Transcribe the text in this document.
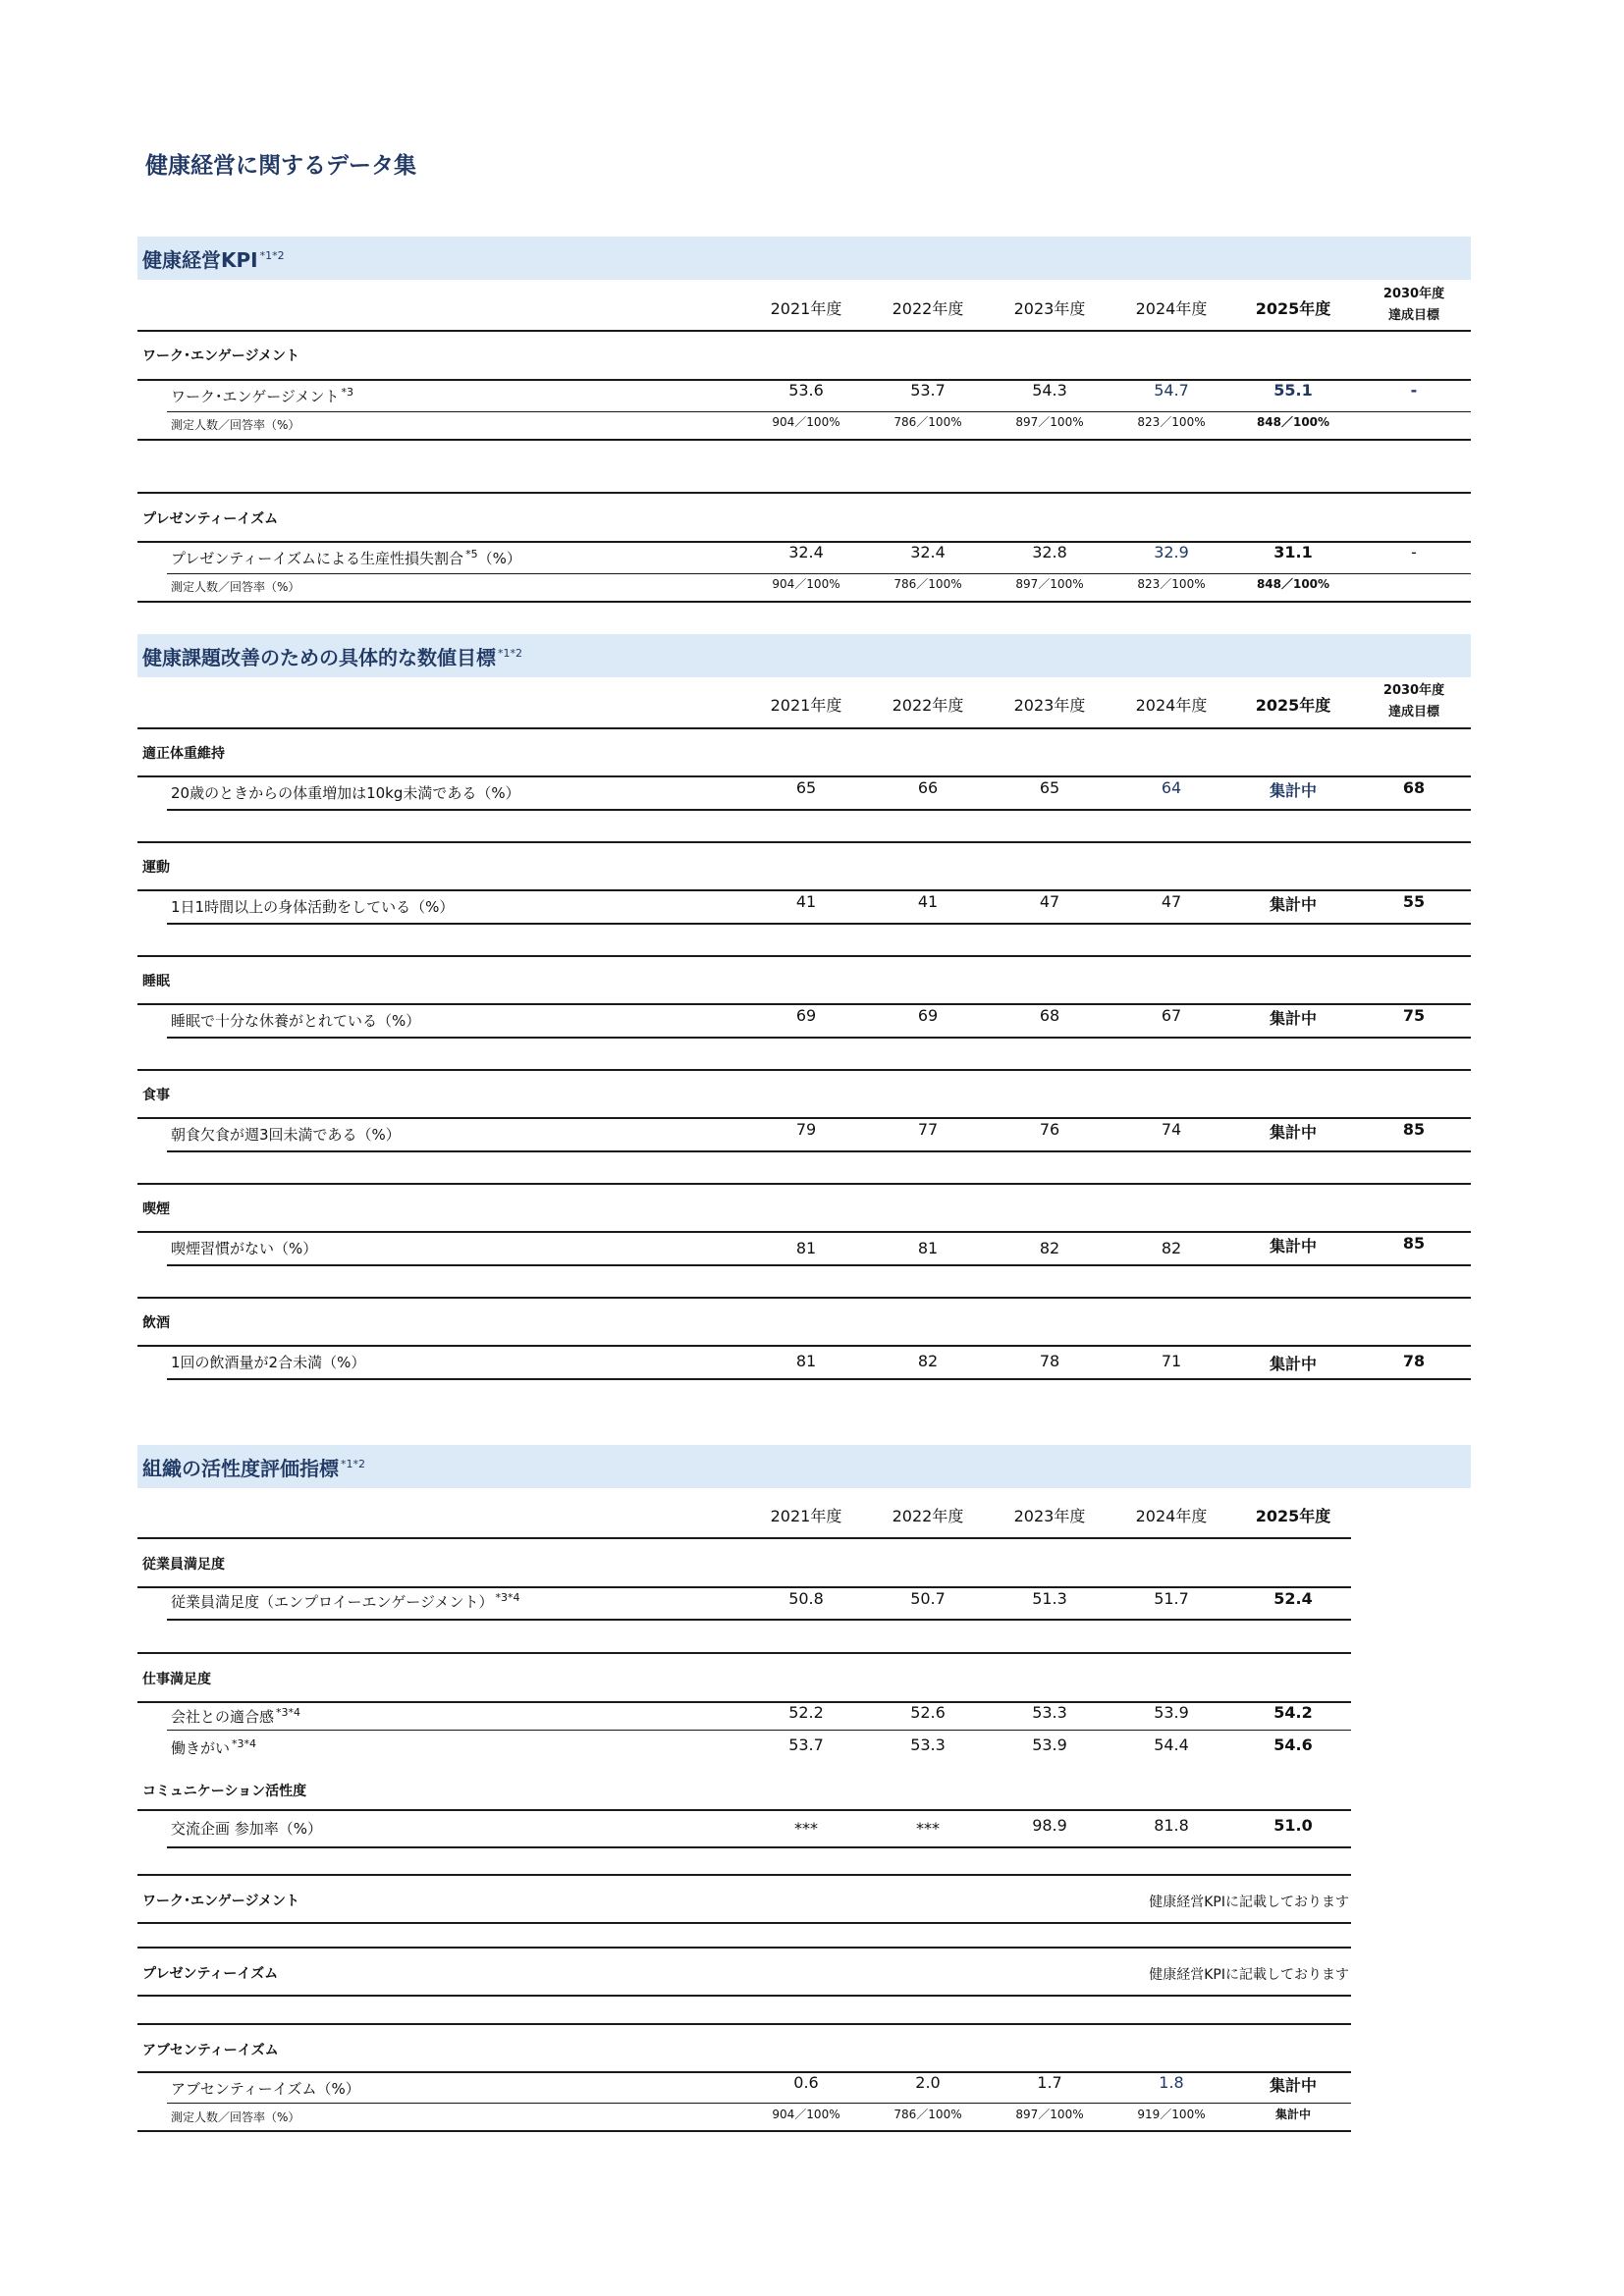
健康経営に関するデータ集
健康経営KPI $^{*1*2}$
2021年度	2022年度	2023年度	2024年度	2025年度
2030年度
達成目標
ワーク･エンゲージメント
ワーク･エンゲージメント $^{*3}$	53.6	53.7	54.3	54.7	55.1	-
測定人数／回答率（%）	904／100%	786／100%	897／100%	823／100%	848／100%
プレゼンティーイズム
プレゼンティーイズムによる生産性損失割合 $^{*5}$（%）	32.4	32.4	32.8	32.9	31.1	-
測定人数／回答率（%）	904／100%	786／100%	897／100%	823／100%	848／100%
健康課題改善のための具体的な数値目標 $^{*1*2}$
2021年度	2022年度	2023年度	2024年度	2025年度
2030年度
達成目標
適正体重維持
20歳のときからの体重増加は10kg未満である（%）	65	66	65	64	集計中	68
運動
1日1時間以上の身体活動をしている（%）	41	41	47	47	集計中	55
睡眠
睡眠で十分な休養がとれている（%）	69	69	68	67	集計中	75
食事
朝食欠食が週3回未満である（%）	79	77	76	74	集計中	85
喫煙
喫煙習慣がない（%）	81	81	82	82	集計中	85
飲酒
1回の飲酒量が2合未満（%）	81	82	78	71	集計中	78
組織の活性度評価指標 $^{*1*2}$
2021年度	2022年度	2023年度	2024年度	2025年度
従業員満足度
従業員満足度（エンプロイーエンゲージメント） $^{*3*4}$	50.8	50.7	51.3	51.7	52.4
仕事満足度
会社との適合感 $^{*3*4}$	52.2	52.6	53.3	53.9	54.2
働きがい $^{*3*4}$	53.7	53.3	53.9	54.4	54.6
コミュニケーション活性度
交流企画 参加率（%）	***	***	98.9	81.8	51.0
ワーク･エンゲージメント	健康経営KPIに記載しております
プレゼンティーイズム	健康経営KPIに記載しております
アブセンティーイズム
アブセンティーイズム（%）	0.6	2.0	1.7	1.8	集計中
測定人数／回答率（%）	904／100%	786／100%	897／100%	919／100%	集計中
